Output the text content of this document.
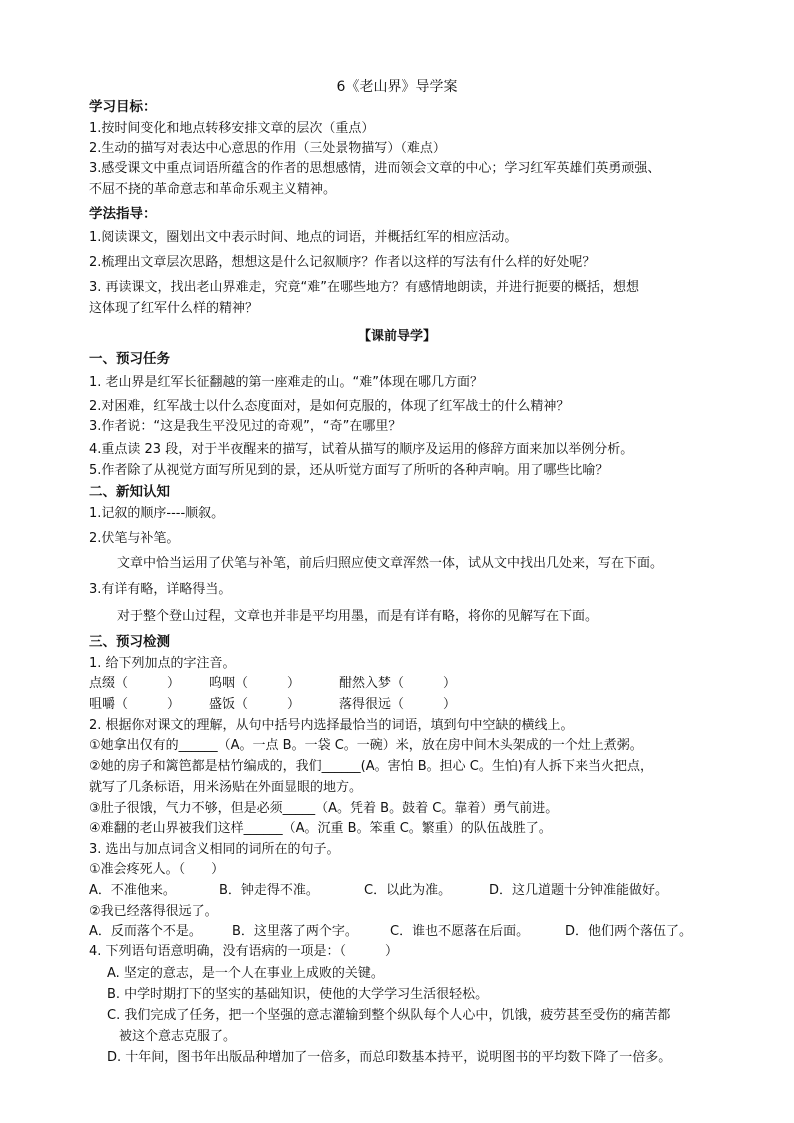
6《老山界》导学案
学习目标：
1.按时间变化和地点转移安排文章的层次（重点）
2.生动的描写对表达中心意思的作用（三处景物描写）（难点）
3.感受课文中重点词语所蕴含的作者的思想感情，进而领会文章的中心；学习红军英雄们英勇顽强、
不屈不挠的革命意志和革命乐观主义精神。
学法指导：
1.阅读课文，圈划出文中表示时间、地点的词语，并概括红军的相应活动。
2.梳理出文章层次思路，想想这是什么记叙顺序？作者以这样的写法有什么样的好处呢？
3. 再读课文，找出老山界难走，究竟“难”在哪些地方？有感情地朗读，并进行扼要的概括，想想
这体现了红军什么样的精神？
【课前导学】
一、预习任务
1. 老山界是红军长征翻越的第一座难走的山。“难”体现在哪几方面？
2.对困难，红军战士以什么态度面对，是如何克服的，体现了红军战士的什么精神？
3.作者说：“这是我生平没见过的奇观”，“奇”在哪里？
4.重点读 23 段，对于半夜醒来的描写，试着从描写的顺序及运用的修辞方面来加以举例分析。
5.作者除了从视觉方面写所见到的景，还从听觉方面写了所听的各种声响。用了哪些比喻？
二、新知认知
1.记叙的顺序----顺叙。
2.伏笔与补笔。
文章中恰当运用了伏笔与补笔，前后归照应使文章浑然一体，试从文中找出几处来，写在下面。
3.有详有略，详略得当。
对于整个登山过程，文章也并非是平均用墨，而是有详有略，将你的见解写在下面。
三、预习检测
1. 给下列加点的字注音。
点缀（　　　） 呜咽（　　　）	酣然入梦（　　　）
咀嚼（　　　） 盛饭（　　　）	落得很远（　　　）
2. 根据你对课文的理解，从句中括号内选择最恰当的词语，填到句中空缺的横线上。
①她拿出仅有的______（A。一点 B。一袋 C。一碗）米，放在房中间木头架成的一个灶上煮粥。
②她的房子和篱笆都是枯竹编成的，我们______(A。害怕 B。担心 C。生怕)有人拆下来当火把点，
就写了几条标语，用米汤贴在外面显眼的地方。
③肚子很饿，气力不够，但是必须_____（A。凭着 B。鼓着 C。靠着）勇气前进。
④难翻的老山界被我们这样______（A。沉重 B。笨重 C。繁重）的队伍战胜了。
3. 选出与加点词含义相同的词所在的句子。
①准会疼死人。（　　）
A．不准他来。	B．钟走得不准。	C．以此为准。	D．这几道题十分钟准能做好。
②我已经落得很远了。
A．反而落个不是。 B．这里落了两个字。 C．谁也不愿落在后面。	D．他们两个落伍了。
4. 下列语句语意明确，没有语病的一项是：（　　　）
A. 坚定的意志，是一个人在事业上成败的关键。
B. 中学时期打下的坚实的基础知识，使他的大学学习生活很轻松。
C. 我们完成了任务，把一个坚强的意志灌输到整个纵队每个人心中，饥饿，疲劳甚至受伤的痛苦都
被这个意志克服了。
D. 十年间，图书年出版品种增加了一倍多，而总印数基本持平，说明图书的平均数下降了一倍多。
